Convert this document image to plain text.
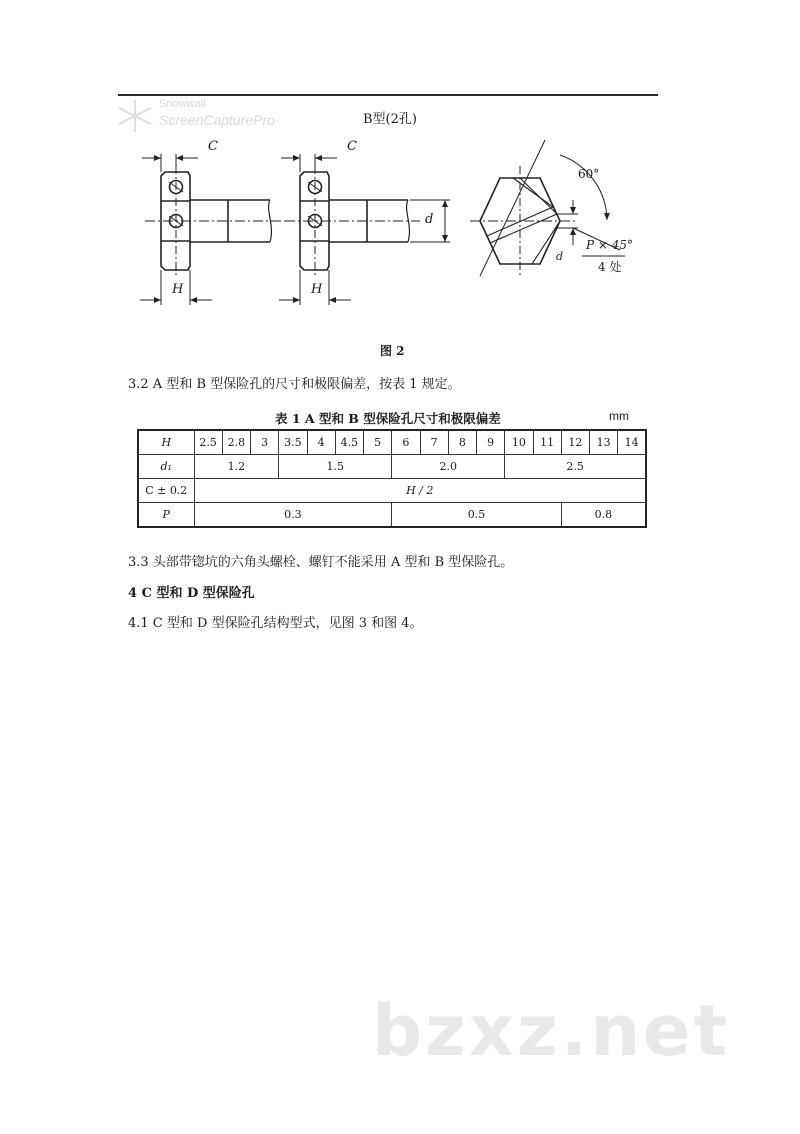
Snowwall
ScreenCapturePro	B型(2孔)
C	C
H	H
d
60°
P × 45°
4 处
d
图 2
3.2 A 型和 B 型保险孔的尺寸和极限偏差，按表 1 规定。
表 1 A 型和 B 型保险孔尺寸和极限偏差	mm
H	2.5	2.8	3	3.5	4	4.5	5	6	7	8	9	10	11	12	13	14
d₁	1.2			1.5				2.0				2.5				
C ± 0.2	H / 2															
P	0.3							0.5						0.8		
3.3 头部带锪坑的六角头螺栓、螺钉不能采用 A 型和 B 型保险孔。
4 C 型和 D 型保险孔
4.1 C 型和 D 型保险孔结构型式，见图 3 和图 4。
bzxz.net
